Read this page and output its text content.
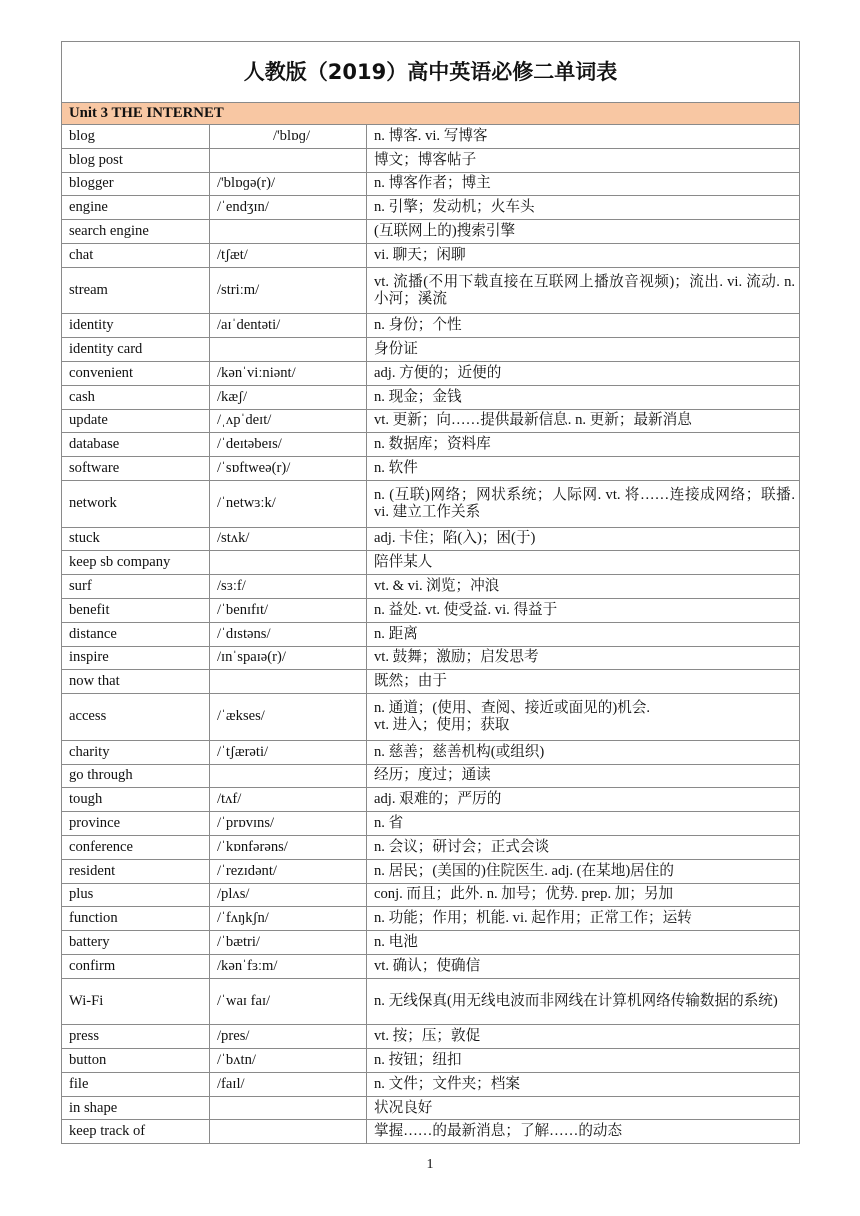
人教版（2019）高中英语必修二单词表		
Unit 3 THE INTERNET		
blog	/'blɒɡ/	n. 博客. vi. 写博客
blog post		博文；博客帖子
blogger	/'blɒɡə(r)/	n. 博客作者；博主
engine	/ˈendʒɪn/	n. 引擎；发动机；火车头
search engine		(互联网上的)搜索引擎
chat	/tʃæt/	vi. 聊天；闲聊
stream	/striːm/	vt. 流播(不用下载直接在互联网上播放音视频)；流出. vi. 流动. n. 小河；溪流
identity	/aɪˈdentəti/	n. 身份；个性
identity card		身份证
convenient	/kənˈviːniənt/	adj. 方便的；近便的
cash	/kæʃ/	n. 现金；金钱
update	/ˌʌpˈdeɪt/	vt. 更新；向……提供最新信息. n. 更新；最新消息
database	/ˈdeɪtəbeɪs/	n. 数据库；资料库
software	/ˈsɒftweə(r)/	n. 软件
network	/ˈnetwɜːk/	n. (互联)网络；网状系统；人际网. vt. 将……连接成网络；联播. vi. 建立工作关系
stuck	/stʌk/	adj. 卡住；陷(入)；困(于)
keep sb company		陪伴某人
surf	/sɜːf/	vt. & vi. 浏览；冲浪
benefit	/ˈbenɪfɪt/	n. 益处. vt. 使受益. vi. 得益于
distance	/ˈdɪstəns/	n. 距离
inspire	/ɪnˈspaɪə(r)/	vt. 鼓舞；激励；启发思考
now that		既然；由于
access	/ˈækses/	n. 通道；(使用、查阅、接近或面见的)机会.
vt. 进入；使用；获取
charity	/ˈtʃærəti/	n. 慈善；慈善机构(或组织)
go through		经历；度过；通读
tough	/tʌf/	adj. 艰难的；严厉的
province	/ˈprɒvɪns/	n. 省
conference	/ˈkɒnfərəns/	n. 会议；研讨会；正式会谈
resident	/ˈrezɪdənt/	n. 居民；(美国的)住院医生. adj. (在某地)居住的
plus	/plʌs/	conj. 而且；此外. n. 加号；优势. prep. 加；另加
function	/ˈfʌŋkʃn/	n. 功能；作用；机能. vi. 起作用；正常工作；运转
battery	/ˈbætri/	n. 电池
confirm	/kənˈfɜːm/	vt. 确认；使确信
Wi-Fi	/ˈwaɪ faɪ/	n. 无线保真(用无线电波而非网线在计算机网络传输数据的系统)
press	/pres/	vt. 按；压；敦促
button	/ˈbʌtn/	n. 按钮；纽扣
file	/faɪl/	n. 文件；文件夹；档案
in shape		状况良好
keep track of		掌握……的最新消息；了解……的动态
1
